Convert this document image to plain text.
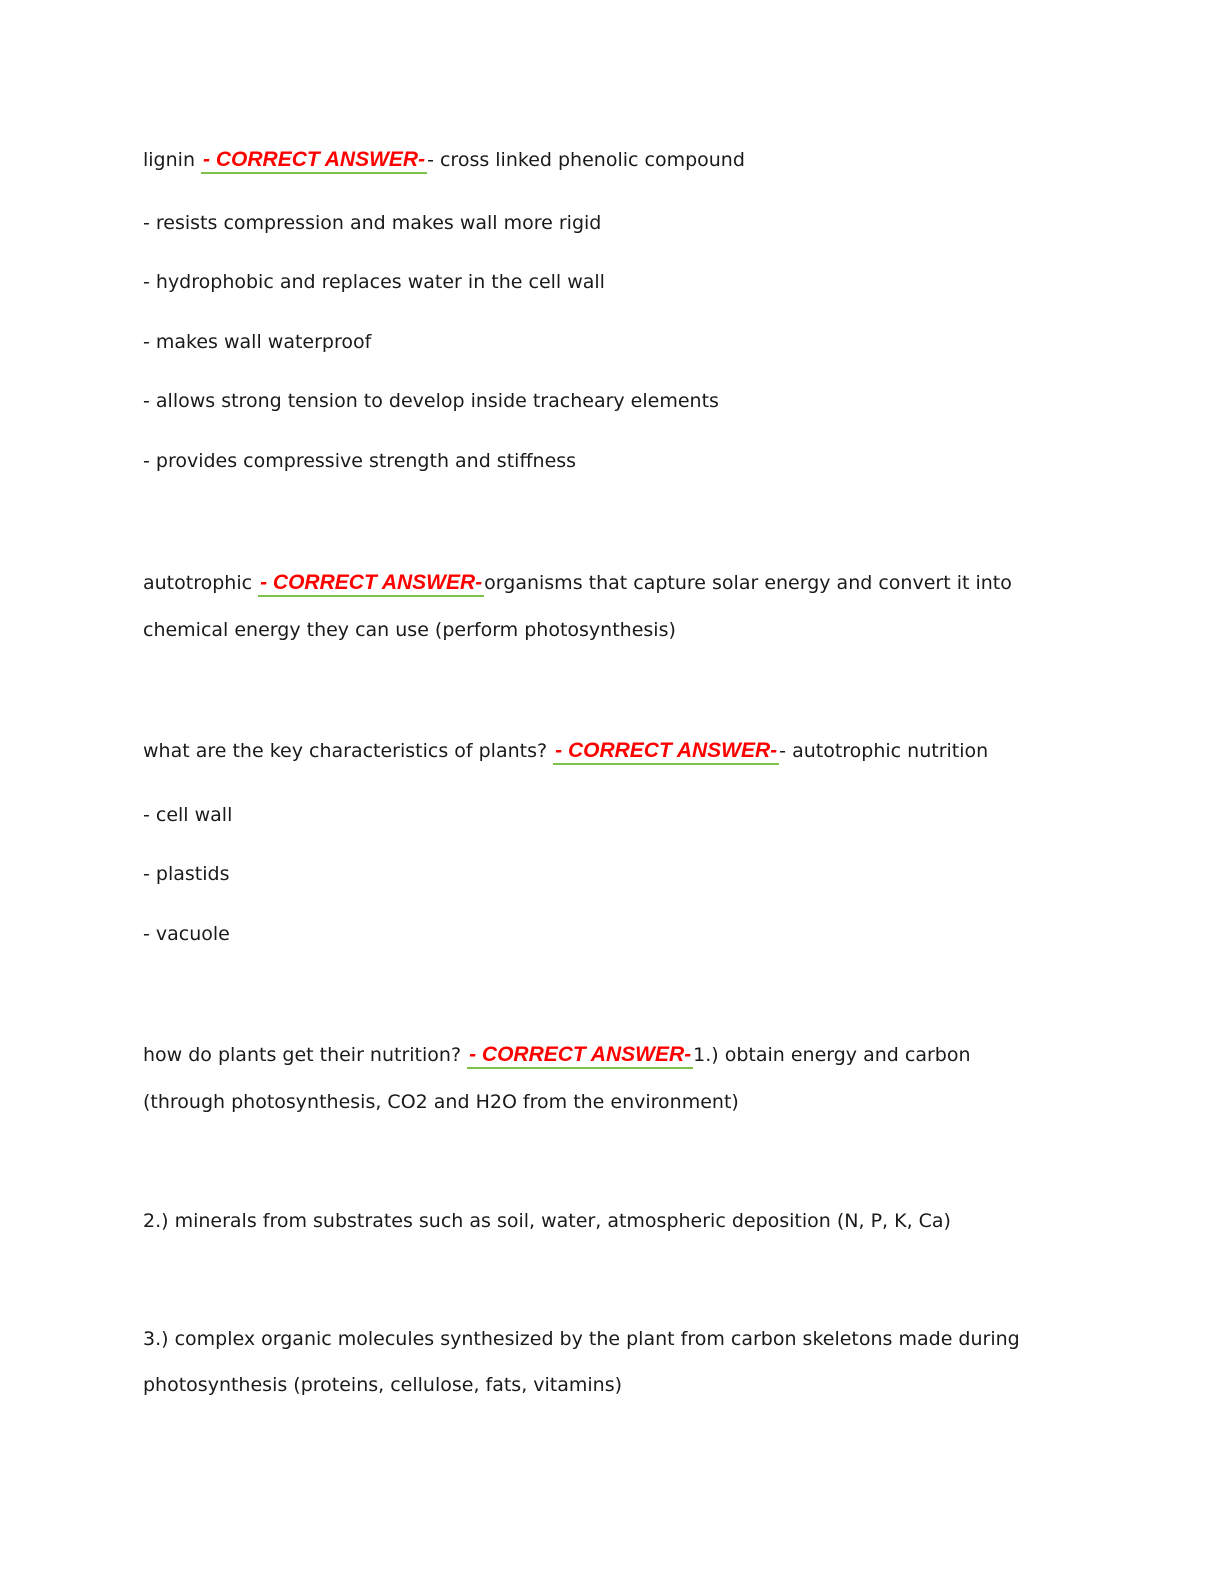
lignin - CORRECT ANSWER- - cross linked phenolic compound
- resists compression and makes wall more rigid
- hydrophobic and replaces water in the cell wall
- makes wall waterproof
- allows strong tension to develop inside tracheary elements
- provides compressive strength and stiffness
autotrophic - CORRECT ANSWER- organisms that capture solar energy and convert it into
chemical energy they can use (perform photosynthesis)
what are the key characteristics of plants? - CORRECT ANSWER- - autotrophic nutrition
- cell wall
- plastids
- vacuole
how do plants get their nutrition? - CORRECT ANSWER- 1.) obtain energy and carbon
(through photosynthesis, CO2 and H2O from the environment)
2.) minerals from substrates such as soil, water, atmospheric deposition (N, P, K, Ca)
3.) complex organic molecules synthesized by the plant from carbon skeletons made during
photosynthesis (proteins, cellulose, fats, vitamins)
